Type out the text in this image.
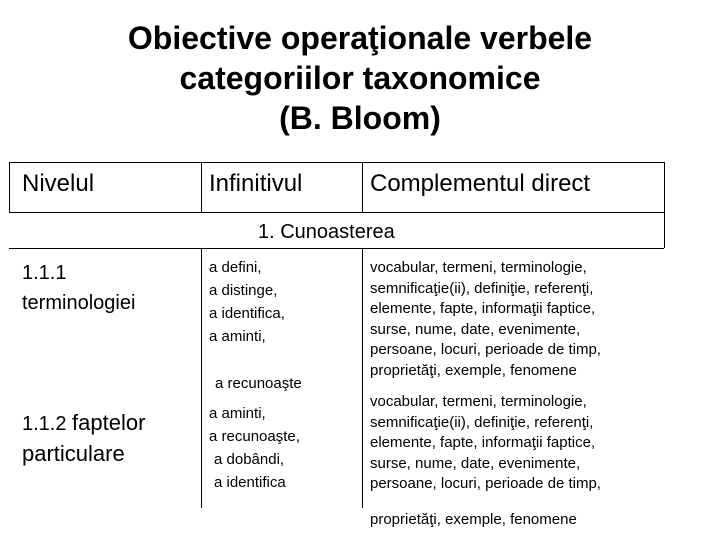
Obiective operaţionale verbele
categoriilor taxonomice
(B. Bloom)
Nivelul	Infinitivul	Complementul direct
1. Cunoasterea
1.1.1
terminologiei
a defini,
a distinge,
a identifica,
a aminti,
vocabular, termeni, terminologie,
semnificaţie(ii), definiţie, referenţi,
elemente, fapte, informaţii faptice,
surse, nume, date, evenimente,
persoane, locuri, perioade de timp,
proprietăţi, exemple, fenomene
1.1.2 faptelor
particulare
a recunoaşte
a aminti,
a recunoaşte,
a dobândi,
a identifica
vocabular, termeni, terminologie,
semnificaţie(ii), definiţie, referenţi,
elemente, fapte, informaţii faptice,
surse, nume, date, evenimente,
persoane, locuri, perioade de timp,
proprietăţi, exemple, fenomene
